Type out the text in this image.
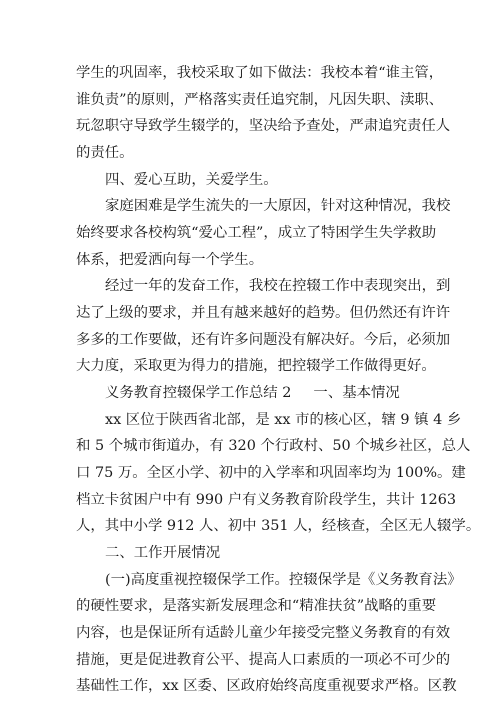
学生的巩固率，我校采取了如下做法：我校本着“谁主管，
谁负责”的原则，严格落实责任追究制，凡因失职、渎职、
玩忽职守导致学生辍学的，坚决给予查处，严肃追究责任人
的责任。
四、爱心互助，关爱学生。
家庭困难是学生流失的一大原因，针对这种情况，我校
始终要求各校构筑“爱心工程”，成立了特困学生失学救助
体系，把爱洒向每一个学生。
经过一年的发奋工作，我校在控辍工作中表现突出，到
达了上级的要求，并且有越来越好的趋势。但仍然还有许许
多多的工作要做，还有许多问题没有解决好。今后，必须加
大力度，采取更为得力的措施，把控辍学工作做得更好。
义务教育控辍保学工作总结 2 一、基本情况
xx 区位于陕西省北部，是 xx 市的核心区，辖 9 镇 4 乡
和 5 个城市街道办，有 320 个行政村、50 个城乡社区，总人
口 75 万。全区小学、初中的入学率和巩固率均为 100%。建
档立卡贫困户中有 990 户有义务教育阶段学生，共计 1263
人，其中小学 912 人、初中 351 人，经核查，全区无人辍学。
二、工作开展情况
(一)高度重视控辍保学工作。控辍保学是《义务教育法》
的硬性要求，是落实新发展理念和“精准扶贫”战略的重要
内容，也是保证所有适龄儿童少年接受完整义务教育的有效
措施，更是促进教育公平、提高人口素质的一项必不可少的
基础性工作，xx 区委、区政府始终高度重视要求严格。区教
